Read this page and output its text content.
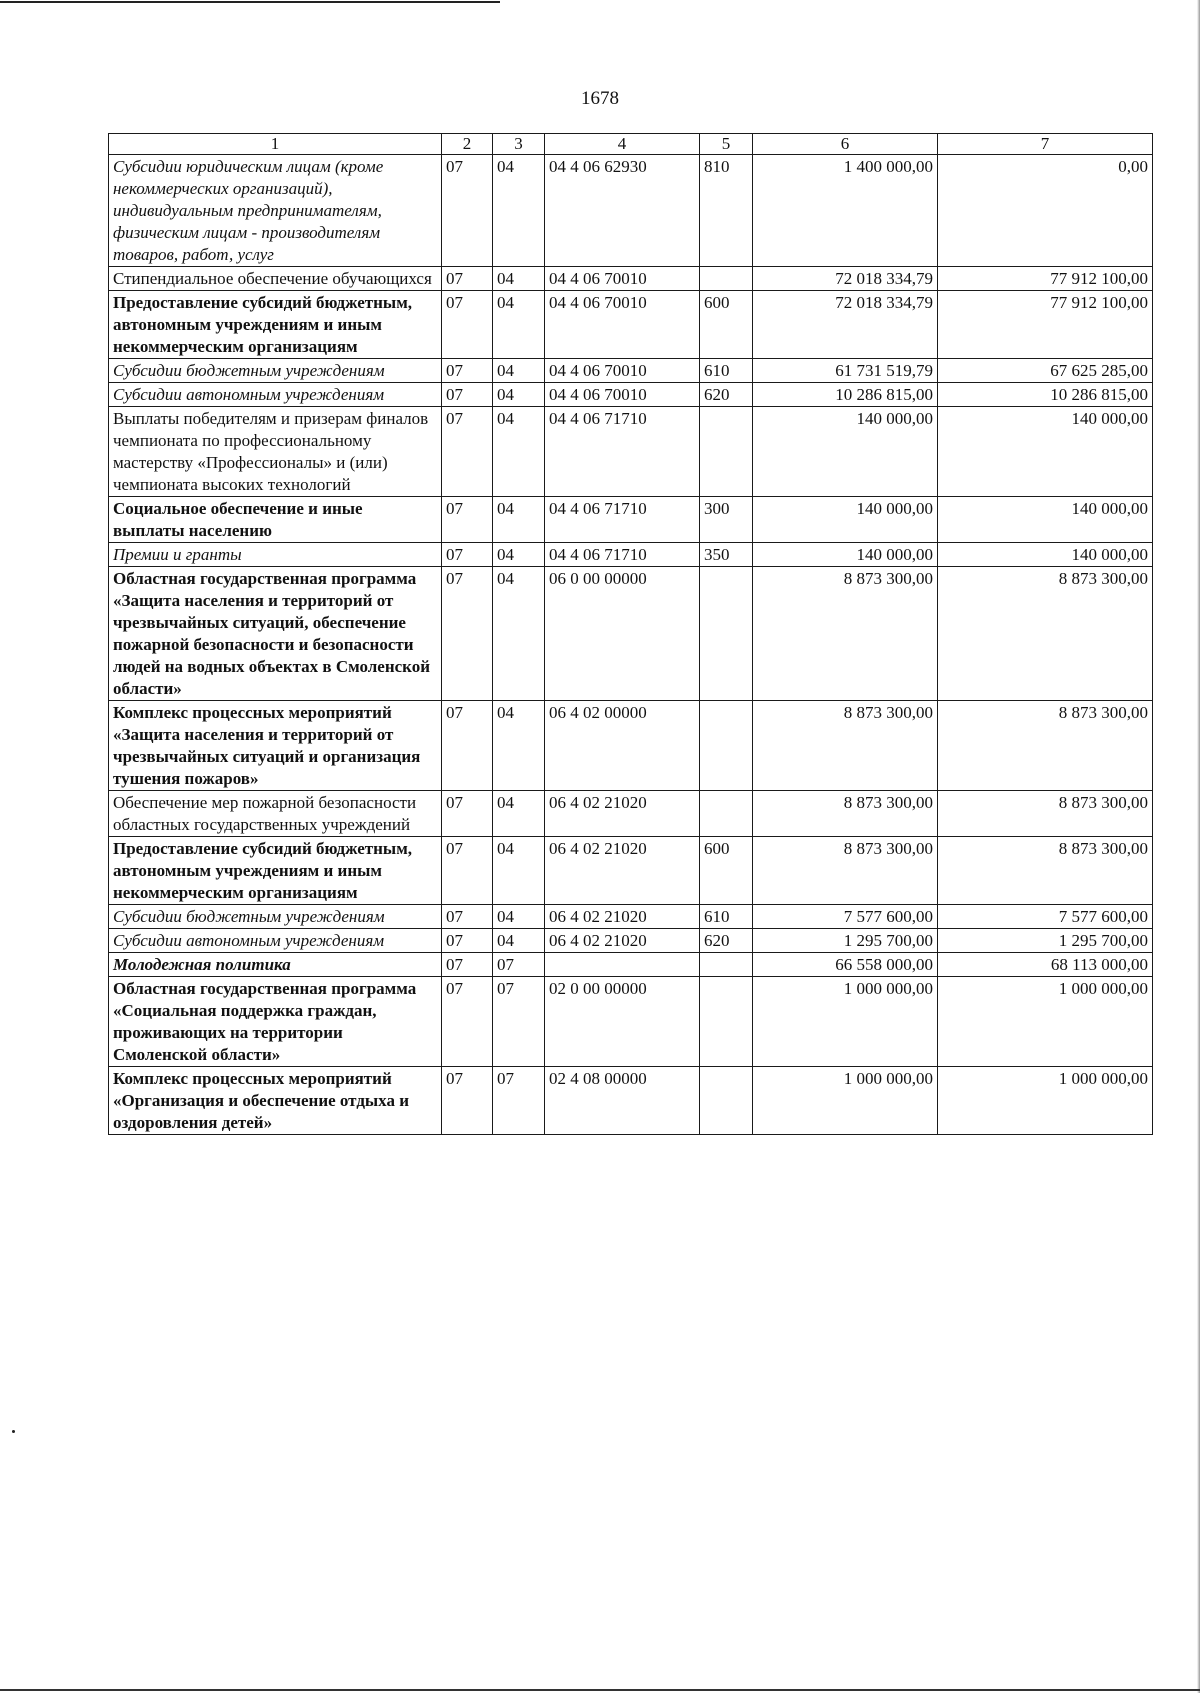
1678
1	2	3	4	5	6	7
Субсидии юридическим лицам (кроме некоммерческих организаций), индивидуальным предпринимателям, физическим лицам - производителям товаров, работ, услуг	07	04	04 4 06 62930	810	1 400 000,00	0,00
Стипендиальное обеспечение обучающихся	07	04	04 4 06 70010		72 018 334,79	77 912 100,00
Предоставление субсидий бюджетным, автономным учреждениям и иным некоммерческим организациям	07	04	04 4 06 70010	600	72 018 334,79	77 912 100,00
Субсидии бюджетным учреждениям	07	04	04 4 06 70010	610	61 731 519,79	67 625 285,00
Субсидии автономным учреждениям	07	04	04 4 06 70010	620	10 286 815,00	10 286 815,00
Выплаты победителям и призерам финалов чемпионата по профессиональному мастерству «Профессионалы» и (или) чемпионата высоких технологий	07	04	04 4 06 71710		140 000,00	140 000,00
Социальное обеспечение и иные выплаты населению	07	04	04 4 06 71710	300	140 000,00	140 000,00
Премии и гранты	07	04	04 4 06 71710	350	140 000,00	140 000,00
Областная государственная программа «Защита населения и территорий от чрезвычайных ситуаций, обеспечение пожарной безопасности и безопасности людей на водных объектах в Смоленской области»	07	04	06 0 00 00000		8 873 300,00	8 873 300,00
Комплекс процессных мероприятий «Защита населения и территорий от чрезвычайных ситуаций и организация тушения пожаров»	07	04	06 4 02 00000		8 873 300,00	8 873 300,00
Обеспечение мер пожарной безопасности областных государственных учреждений	07	04	06 4 02 21020		8 873 300,00	8 873 300,00
Предоставление субсидий бюджетным, автономным учреждениям и иным некоммерческим организациям	07	04	06 4 02 21020	600	8 873 300,00	8 873 300,00
Субсидии бюджетным учреждениям	07	04	06 4 02 21020	610	7 577 600,00	7 577 600,00
Субсидии автономным учреждениям	07	04	06 4 02 21020	620	1 295 700,00	1 295 700,00
Молодежная политика	07	07			66 558 000,00	68 113 000,00
Областная государственная программа «Социальная поддержка граждан, проживающих на территории Смоленской области»	07	07	02 0 00 00000		1 000 000,00	1 000 000,00
Комплекс процессных мероприятий «Организация и обеспечение отдыха и оздоровления детей»	07	07	02 4 08 00000		1 000 000,00	1 000 000,00
